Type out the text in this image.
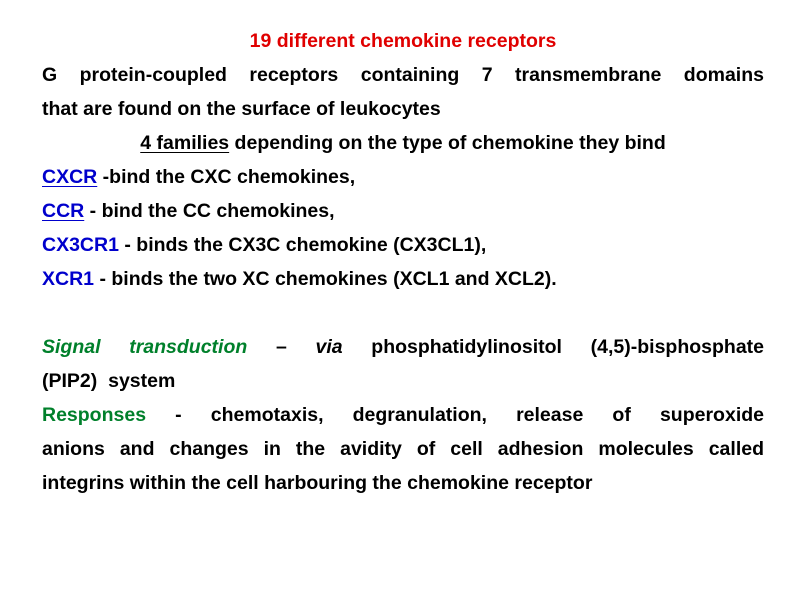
19 different chemokine receptors
G protein-coupled receptors containing 7 transmembrane domains
that are found on the surface of leukocytes
4 families depending on the type of chemokine they bind
CXCR -bind the CXC chemokines,
CCR - bind the CC chemokines,
CX3CR1 - binds the CX3C chemokine (CX3CL1),
XCR1 - binds the two XC chemokines (XCL1 and XCL2).
Signal transduction – via phosphatidylinositol (4,5)-bisphosphate
(PIP2)  system
Responses - chemotaxis, degranulation, release of superoxide
anions and changes in the avidity of cell adhesion molecules called
integrins within the cell harbouring the chemokine receptor
